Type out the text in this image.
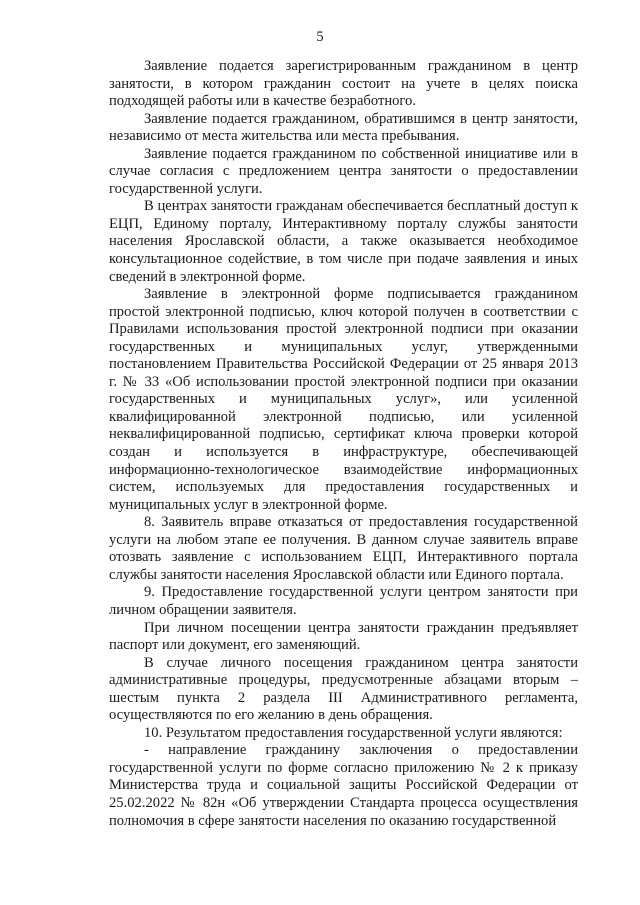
5

Заявление подается зарегистрированным гражданином в центр занятости, в котором гражданин состоит на учете в целях поиска подходящей работы или в качестве безработного.

Заявление подается гражданином, обратившимся в центр занятости, независимо от места жительства или места пребывания.

Заявление подается гражданином по собственной инициативе или в случае согласия с предложением центра занятости о предоставлении государственной услуги.

В центрах занятости гражданам обеспечивается бесплатный доступ к ЕЦП, Единому порталу, Интерактивному порталу службы занятости населения Ярославской области, а также оказывается необходимое консультационное содействие, в том числе при подаче заявления и иных сведений в электронной форме.

Заявление в электронной форме подписывается гражданином простой электронной подписью, ключ которой получен в соответствии с Правилами использования простой электронной подписи при оказании государственных и муниципальных услуг, утвержденными постановлением Правительства Российской Федерации от 25 января 2013 г. № 33 «Об использовании простой электронной подписи при оказании государственных и муниципальных услуг», или усиленной квалифицированной электронной подписью, или усиленной неквалифицированной подписью, сертификат ключа проверки которой создан и используется в инфраструктуре, обеспечивающей информационно-технологическое взаимодействие информационных систем, используемых для предоставления государственных и муниципальных услуг в электронной форме.

8. Заявитель вправе отказаться от предоставления государственной услуги на любом этапе ее получения. В данном случае заявитель вправе отозвать заявление с использованием ЕЦП, Интерактивного портала службы занятости населения Ярославской области или Единого портала.

9. Предоставление государственной услуги центром занятости при личном обращении заявителя.

При личном посещении центра занятости гражданин предъявляет паспорт или документ, его заменяющий.

В случае личного посещения гражданином центра занятости административные процедуры, предусмотренные абзацами вторым – шестым пункта 2 раздела III Административного регламента, осуществляются по его желанию в день обращения.

10. Результатом предоставления государственной услуги являются:

- направление гражданину заключения о предоставлении государственной услуги по форме согласно приложению № 2 к приказу Министерства труда и социальной защиты Российской Федерации от 25.02.2022 № 82н «Об утверждении Стандарта процесса осуществления полномочия в сфере занятости населения по оказанию государственной
